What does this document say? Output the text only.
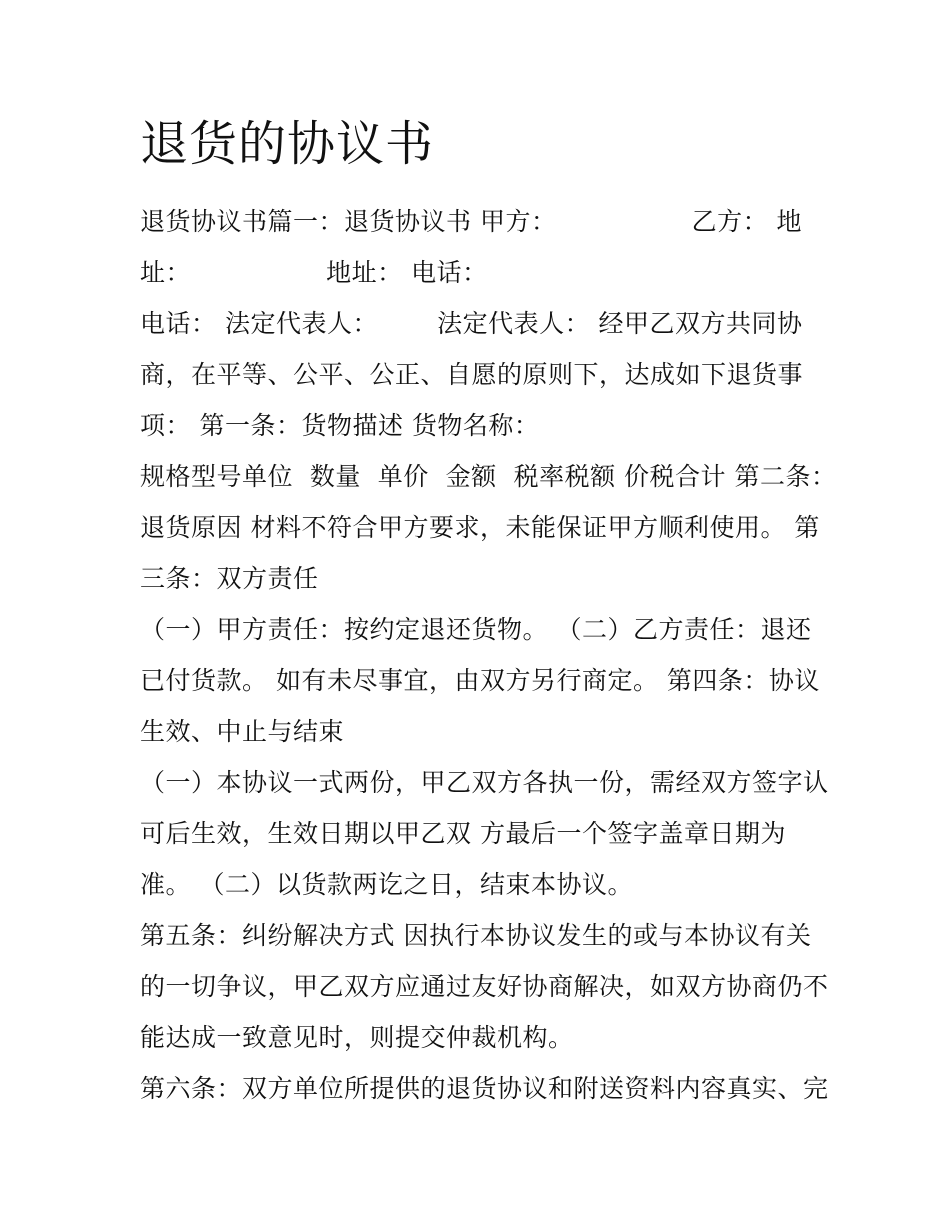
退货的协议书
退货协议书篇一：退货协议书 甲方：                乙方： 地
址：                地址： 电话：
电话： 法定代表人：       法定代表人： 经甲乙双方共同协
商，在平等、公平、公正、自愿的原则下，达成如下退货事
项： 第一条：货物描述 货物名称：
规格型号单位  数量  单价  金额  税率税额 价税合计 第二条：
退货原因 材料不符合甲方要求，未能保证甲方顺利使用。 第
三条：双方责任
（一）甲方责任：按约定退还货物。 （二）乙方责任：退还
已付货款。 如有未尽事宜，由双方另行商定。 第四条：协议
生效、中止与结束
（一）本协议一式两份，甲乙双方各执一份，需经双方签字认
可后生效，生效日期以甲乙双 方最后一个签字盖章日期为
准。 （二）以货款两讫之日，结束本协议。
第五条：纠纷解决方式 因执行本协议发生的或与本协议有关
的一切争议，甲乙双方应通过友好协商解决，如双方协商仍不
能达成一致意见时，则提交仲裁机构。
第六条：双方单位所提供的退货协议和附送资料内容真实、完
